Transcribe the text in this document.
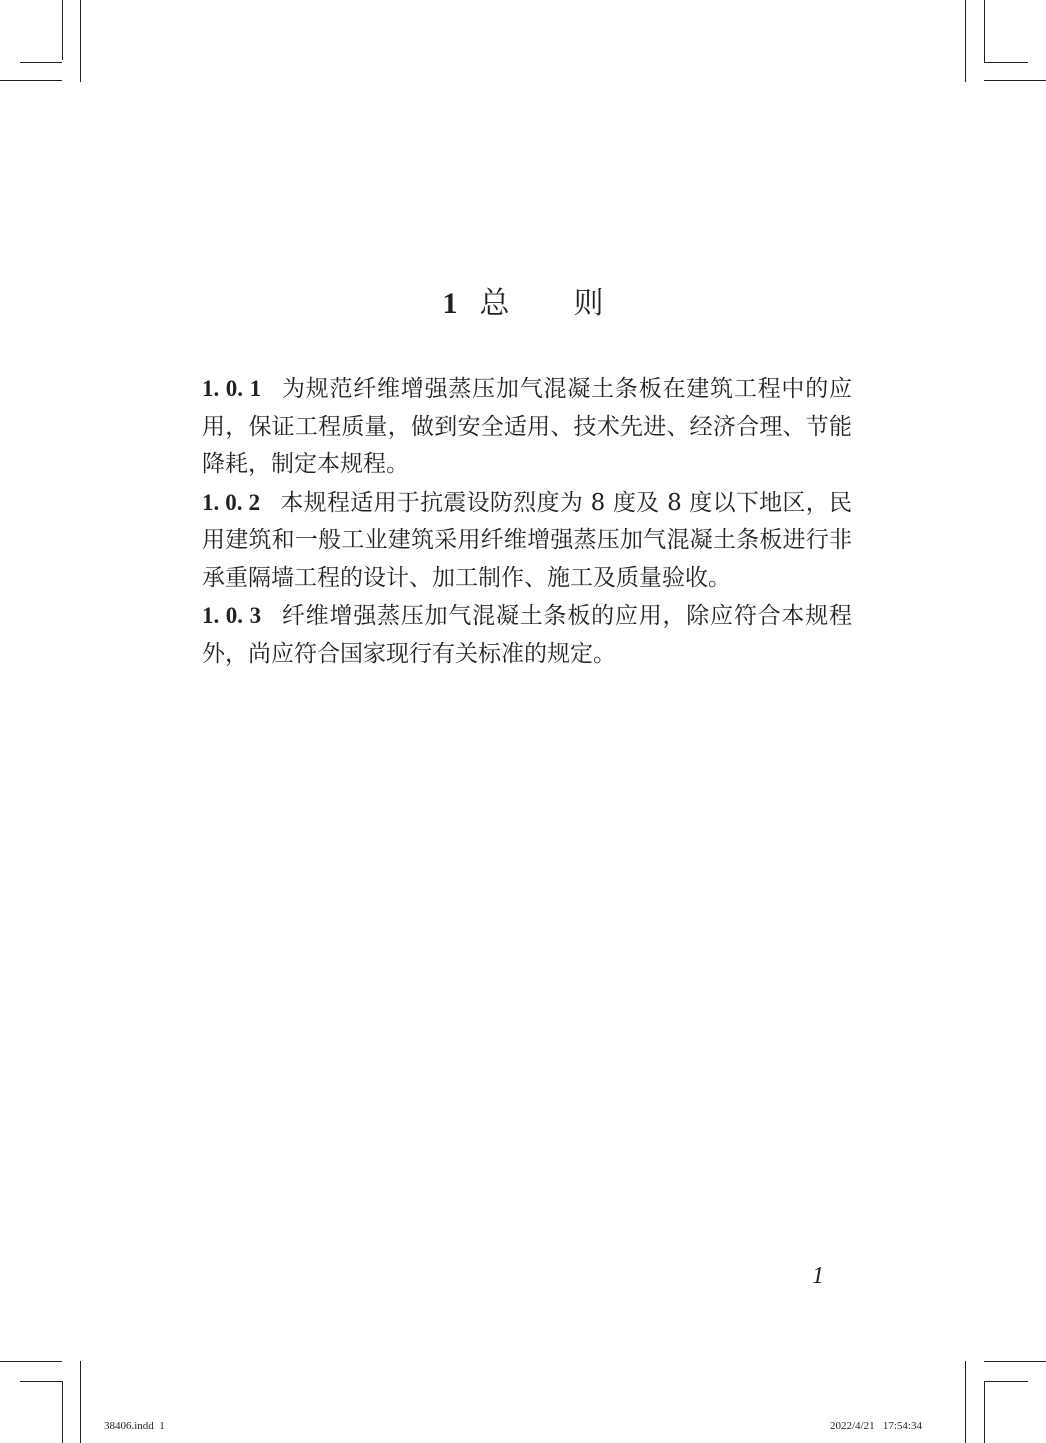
1 总 则

1. 0. 1 为规范纤维增强蒸压加气混凝土条板在建筑工程中的应用，保证工程质量，做到安全适用、技术先进、经济合理、节能降耗，制定本规程。

1. 0. 2 本规程适用于抗震设防烈度为 8 度及 8 度以下地区，民用建筑和一般工业建筑采用纤维增强蒸压加气混凝土条板进行非承重隔墙工程的设计、加工制作、施工及质量验收。

1. 0. 3 纤维增强蒸压加气混凝土条板的应用，除应符合本规程外，尚应符合国家现行有关标准的规定。

1
38406.indd  1	2022/4/21   17:54:34
